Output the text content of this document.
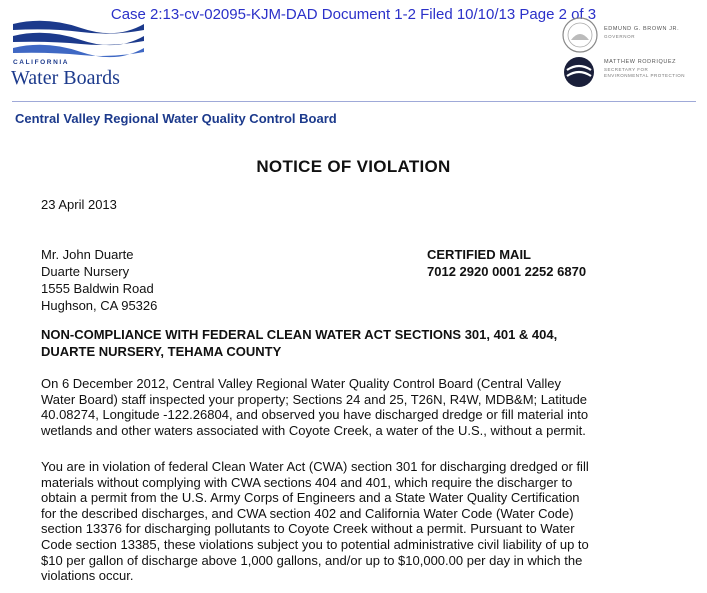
Case 2:13-cv-02095-KJM-DAD Document 1-2 Filed 10/10/13 Page 2 of 3
CALIFORNIA
Water Boards
EDMUND G. BROWN JR.
GOVERNOR
MATTHEW RODRIQUEZ
SECRETARY FOR
ENVIRONMENTAL PROTECTION
Central Valley Regional Water Quality Control Board
NOTICE OF VIOLATION
23 April 2013
Mr. John Duarte
Duarte Nursery
1555 Baldwin Road
Hughson, CA 95326
CERTIFIED MAIL
7012 2920 0001 2252 6870
NON-COMPLIANCE WITH FEDERAL CLEAN WATER ACT SECTIONS 301, 401 & 404,
DUARTE NURSERY, TEHAMA COUNTY
On 6 December 2012, Central Valley Regional Water Quality Control Board (Central Valley
Water Board) staff inspected your property; Sections 24 and 25, T26N, R4W, MDB&M; Latitude
40.08274, Longitude -122.26804, and observed you have discharged dredge or fill material into
wetlands and other waters associated with Coyote Creek, a water of the U.S., without a permit.
You are in violation of federal Clean Water Act (CWA) section 301 for discharging dredged or fill
materials without complying with CWA sections 404 and 401, which require the discharger to
obtain a permit from the U.S. Army Corps of Engineers and a State Water Quality Certification
for the described discharges, and CWA section 402 and California Water Code (Water Code)
section 13376 for discharging pollutants to Coyote Creek without a permit. Pursuant to Water
Code section 13385, these violations subject you to potential administrative civil liability of up to
$10 per gallon of discharge above 1,000 gallons, and/or up to $10,000.00 per day in which the
violations occur.
